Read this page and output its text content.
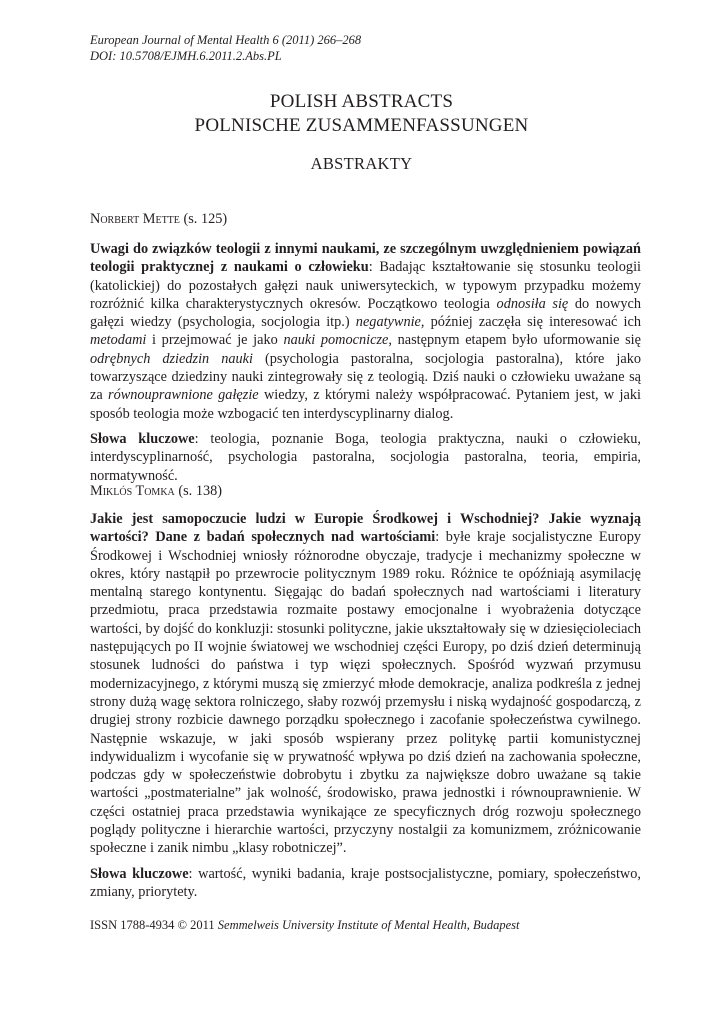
European Journal of Mental Health 6 (2011) 266–268
DOI: 10.5708/EJMH.6.2011.2.Abs.PL
POLISH ABSTRACTS
POLNISCHE ZUSAMMENFASSUNGEN
ABSTRAKTY
Norbert Mette (s. 125)

Uwagi do związków teologii z innymi naukami, ze szczególnym uwzględnieniem powiązań teologii praktycznej z naukami o człowieku: Badając kształtowanie się stosunku teologii (katolickiej) do pozostałych gałęzi nauk uniwersyteckich, w typowym przypadku możemy rozróżnić kilka charakterystycznych okresów. Początkowo teologia odnosiła się do nowych gałęzi wiedzy (psychologia, socjologia itp.) negatywnie, później zaczęła się interesować ich metodami i przejmować je jako nauki pomocnicze, następnym etapem było uformowanie się odrębnych dziedzin nauki (psychologia pastoralna, socjologia pastoralna), które jako towarzyszące dziedziny nauki zintegrowały się z teologią. Dziś nauki o człowieku uważane są za równouprawnione gałęzie wiedzy, z którymi należy współpracować. Pytaniem jest, w jaki sposób teologia może wzbogacić ten interdyscyplinarny dialog.

Słowa kluczowe: teologia, poznanie Boga, teologia praktyczna, nauki o człowieku, interdyscyplinarność, psychologia pastoralna, socjologia pastoralna, teoria, empiria, normatywność.

Miklós Tomka (s. 138)

Jakie jest samopoczucie ludzi w Europie Środkowej i Wschodniej? Jakie wyznają wartości? Dane z badań społecznych nad wartościami: byłe kraje socjalistyczne Europy Środkowej i Wschodniej wniosły różnorodne obyczaje, tradycje i mechanizmy społeczne w okres, który nastąpił po przewrocie politycznym 1989 roku. Różnice te opóźniają asymilację mentalną starego kontynentu. Sięgając do badań społecznych nad wartościami i literatury przedmiotu, praca przedstawia rozmaite postawy emocjonalne i wyobrażenia dotyczące wartości, by dojść do konkluzji: stosunki polityczne, jakie ukształtowały się w dziesięcioleciach następujących po II wojnie światowej we wschodniej części Europy, po dziś dzień determinują stosunek ludności do państwa i typ więzi społecznych. Spośród wyzwań przymusu modernizacyjnego, z którymi muszą się zmierzyć młode demokracje, analiza podkreśla z jednej strony dużą wagę sektora rolniczego, słaby rozwój przemysłu i niską wydajność gospodarczą, z drugiej strony rozbicie dawnego porządku społecznego i zacofanie społeczeństwa cywilnego. Następnie wskazuje, w jaki sposób wspierany przez politykę partii komunistycznej indywidualizm i wycofanie się w prywatność wpływa po dziś dzień na zachowania społeczne, podczas gdy w społeczeństwie dobrobytu i zbytku za największe dobro uważane są takie wartości „postmaterialne” jak wolność, środowisko, prawa jednostki i równouprawnienie. W części ostatniej praca przedstawia wynikające ze specyficznych dróg rozwoju społecznego poglądy polityczne i hierarchie wartości, przyczyny nostalgii za komunizmem, zróżnicowanie społeczne i zanik nimbu „klasy robotniczej”.

Słowa kluczowe: wartość, wyniki badania, kraje postsocjalistyczne, pomiary, społeczeństwo, zmiany, priorytety.

ISSN 1788-4934 © 2011 Semmelweis University Institute of Mental Health, Budapest
